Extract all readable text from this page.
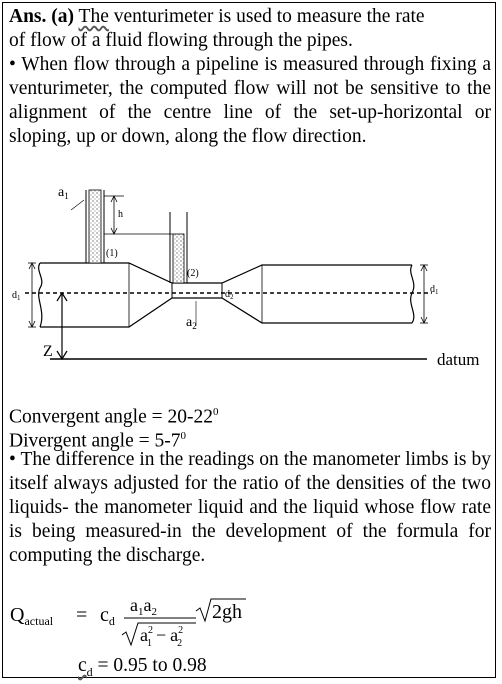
Ans. (a) The venturimeter is used to measure the rate
of flow of a fluid flowing through the pipes.
• When flow through a pipeline is measured through fixing a venturimeter, the computed flow will not be sensitive to the alignment of the centre line of the set-up-horizontal or sloping, up or down, along the flow direction.
$a_1$
h
(1)
(2)
$d_1$	$d_2$
$d_1$
$a_2$
Z	datum
Convergent angle = $20-22^0$
Divergent angle = $5-7^0$
• The difference in the readings on the manometer limbs is by itself always adjusted for the ratio of the densities of the two liquids- the manometer liquid and the liquid whose flow rate is being measured-in the development of the formula for computing the discharge.
$Q_{actual} = c_d$
$a_1a_2$
$a^2$ $1 - a^2$ 2
2gh
$c_d = 0.95$ to 0.98
